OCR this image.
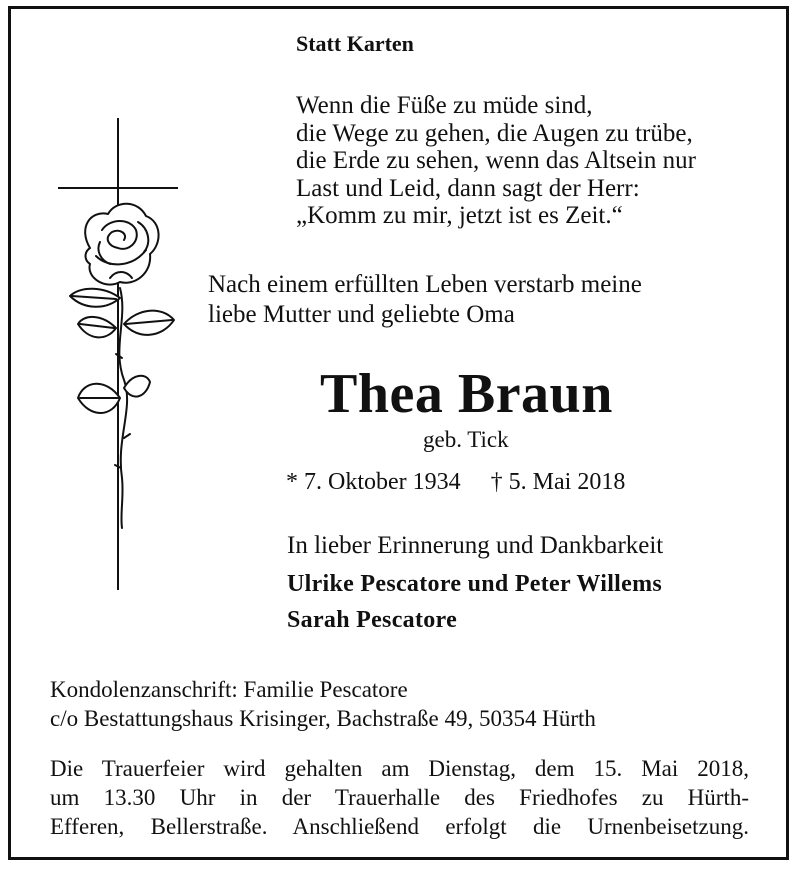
Statt Karten
Wenn die Füße zu müde sind,
die Wege zu gehen, die Augen zu trübe,
die Erde zu sehen, wenn das Altsein nur
Last und Leid, dann sagt der Herr:
„Komm zu mir, jetzt ist es Zeit.“
Nach einem erfüllten Leben verstarb meine
liebe Mutter und geliebte Oma
Thea Braun
geb. Tick
* 7. Oktober 1934 † 5. Mai 2018
In lieber Erinnerung und Dankbarkeit
Ulrike Pescatore und Peter Willems
Sarah Pescatore
Kondolenzanschrift: Familie Pescatore
c/o Bestattungshaus Krisinger, Bachstraße 49, 50354 Hürth
Die Trauerfeier wird gehalten am Dienstag, dem 15. Mai 2018,
um 13.30 Uhr in der Trauerhalle des Friedhofes zu Hürth-
Efferen, Bellerstraße. Anschließend erfolgt die Urnenbeisetzung.
